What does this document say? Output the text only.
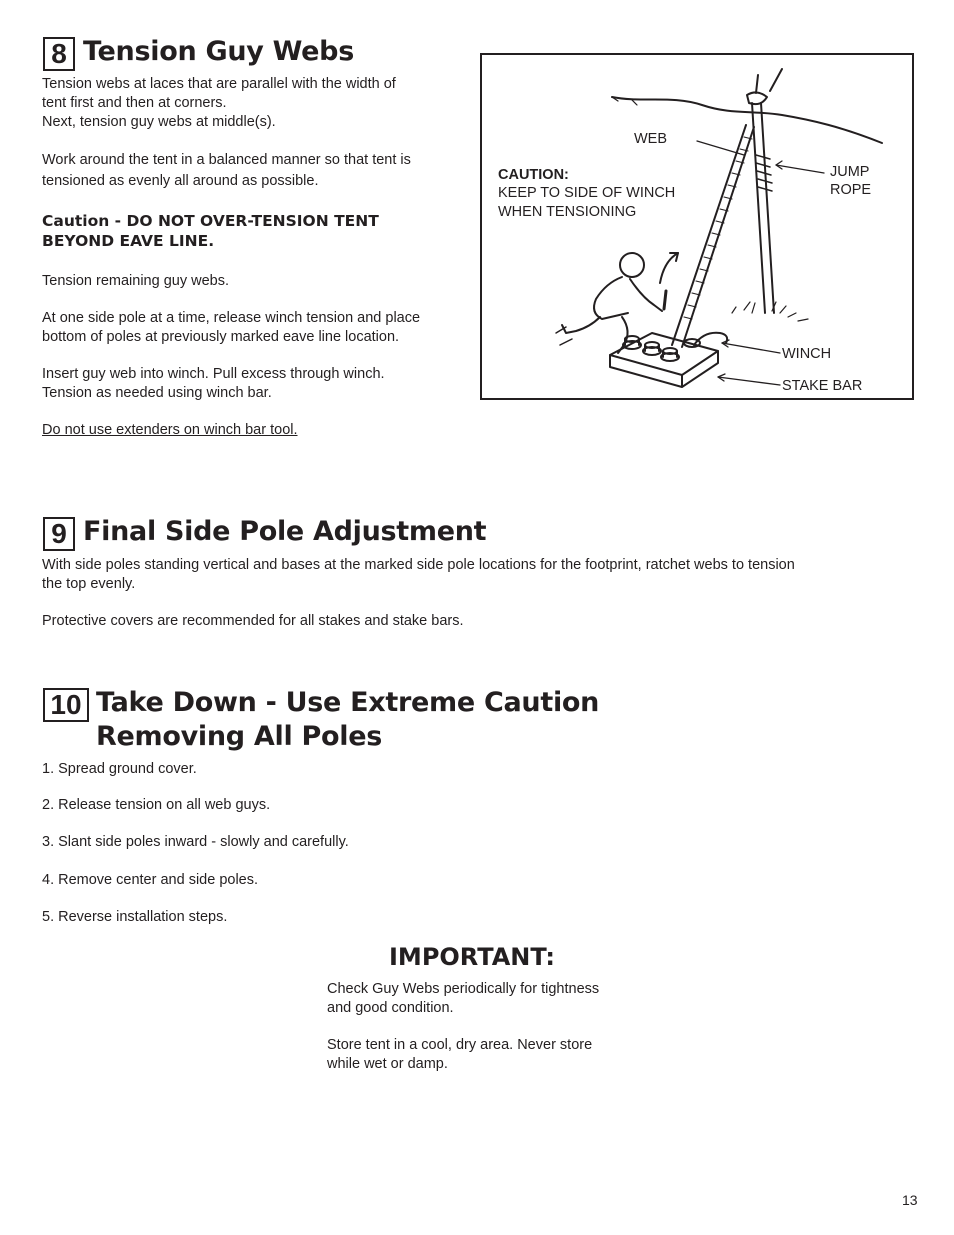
8 Tension Guy Webs

Tension webs at laces that are parallel with the width of
tent first and then at corners.
Next, tension guy webs at middle(s).

Work around the tent in a balanced manner so that tent is
tensioned as evenly all around as possible.

Caution - DO NOT OVER-TENSION TENT
BEYOND EAVE LINE.

Tension remaining guy webs.

At one side pole at a time, release winch tension and place
bottom of poles at previously marked eave line location.

Insert guy web into winch. Pull excess through winch.
Tension as needed using winch bar.

Do not use extenders on winch bar tool.

CAUTION:
KEEP TO SIDE OF WINCH
WHEN TENSIONING
WEB
JUMP
ROPE
WINCH
STAKE BAR
9 Final Side Pole Adjustment

With side poles standing vertical and bases at the marked side pole locations for the footprint, ratchet webs to tension
the top evenly.

Protective covers are recommended for all stakes and stake bars.

10 Take Down - Use Extreme Caution
Removing All Poles

1. Spread ground cover.

2. Release tension on all web guys.

3. Slant side poles inward - slowly and carefully.

4. Remove center and side poles.

5. Reverse installation steps.

IMPORTANT:

Check Guy Webs periodically for tightness
and good condition.

Store tent in a cool, dry area. Never store
while wet or damp.

13
